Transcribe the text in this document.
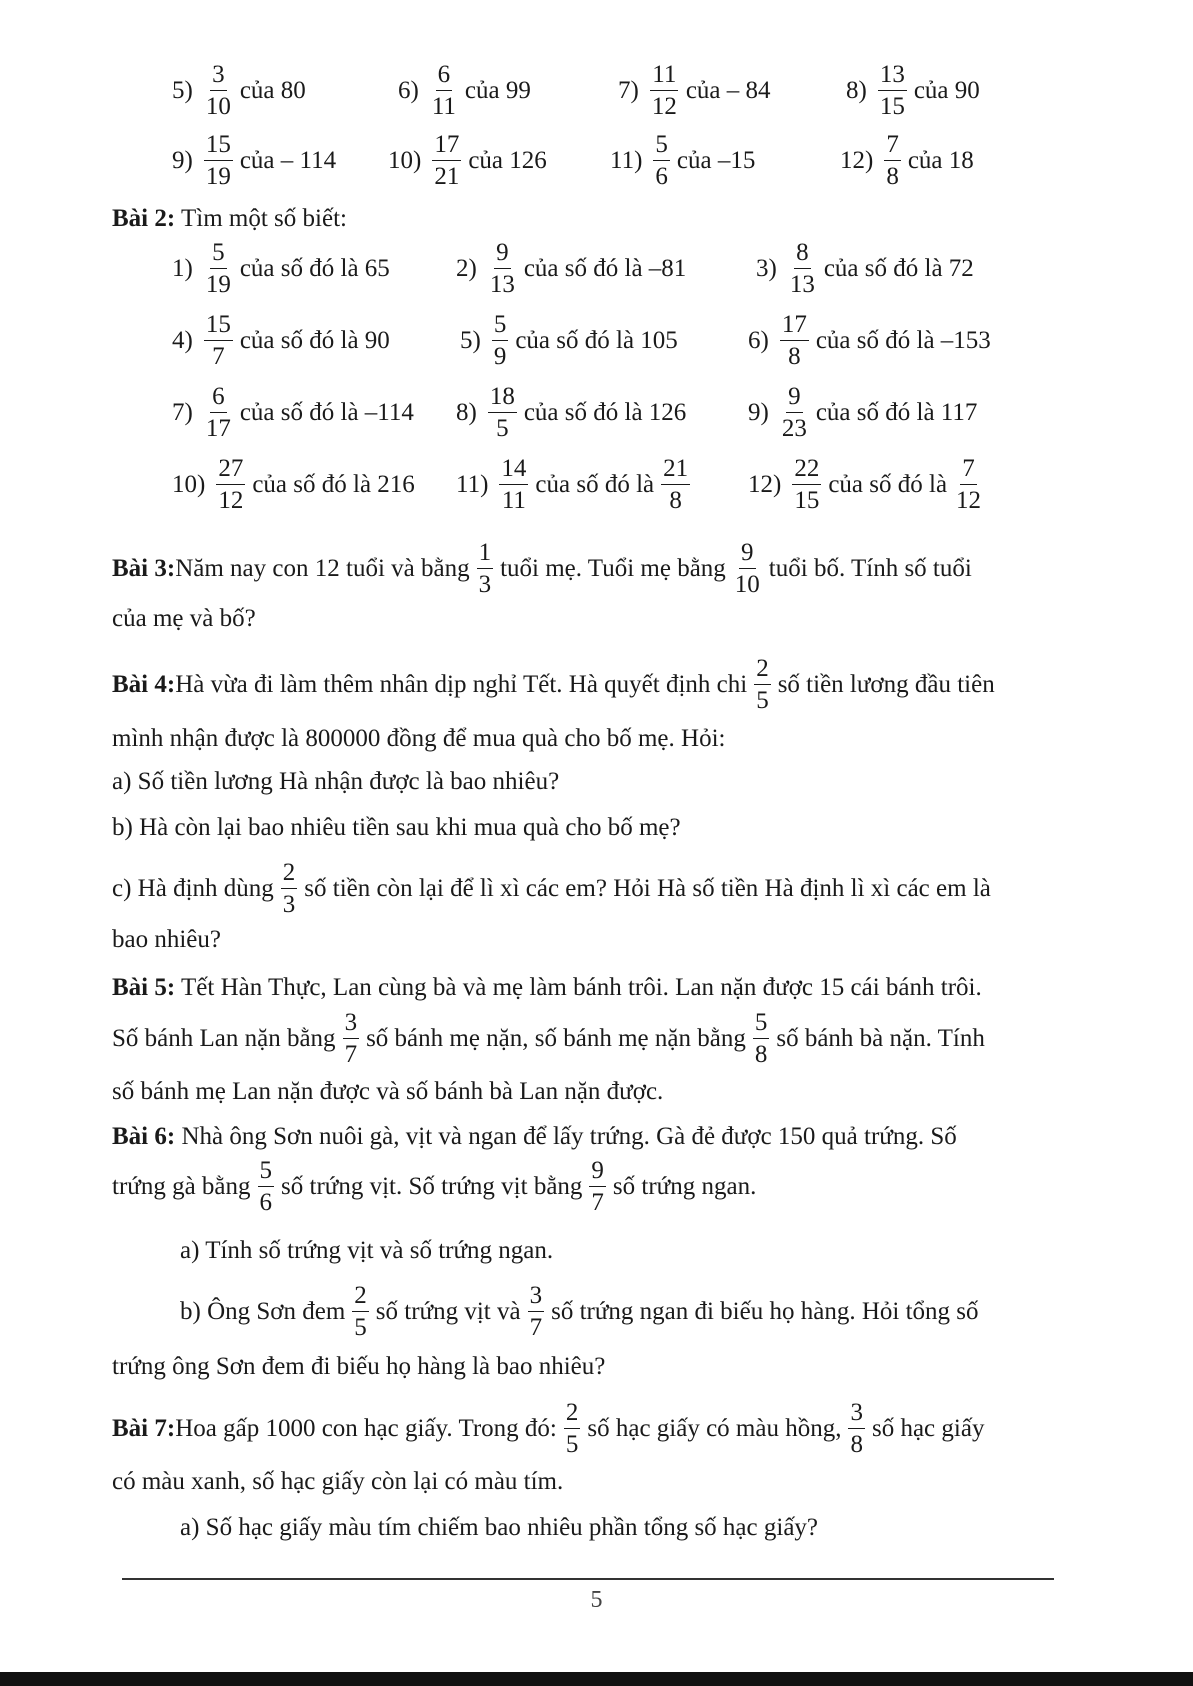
$5) \frac{3}{10}$ của 80	$6) \frac{6}{11}$ của 99	$7) \frac{11}{12}$ của – 84	$8) \frac{13}{15}$ của 90
$9) \frac{15}{19}$ của – 114 $10) \frac{17}{21}$ của 126	$11) \frac{5}{6}$ của –15	$12) \frac{7}{8}$ của 18
Bài 2: Tìm một số biết:
$1) \frac{5}{19}$ của số đó là 65	$2) \frac{9}{13}$ của số đó là –81	$3) \frac{8}{13}$ của số đó là 72
$4) \frac{15}{7}$ của số đó là 90	$5) \frac{5}{9}$ của số đó là 105	$6) \frac{17}{8}$ của số đó là –153
$7) \frac{6}{17}$ của số đó là –114 $8) \frac{18}{5}$ của số đó là 126 $9) \frac{9}{23}$ của số đó là 117
$10) \frac{27}{12}$ của số đó là 216 $11) \frac{14}{11}$ của số đó là $\frac{21}{8} 12) \frac{22}{15}$ của số đó là $\frac{7}{12}$
Bài 3: Năm nay con 12 tuổi và bằng $\frac{1}{3}$ tuổi mẹ. Tuổi mẹ bằng $\frac{9}{10}$ tuổi bố. Tính số tuổi
của mẹ và bố?
Bài 4: Hà vừa đi làm thêm nhân dịp nghỉ Tết. Hà quyết định chi $\frac{2}{5}$ số tiền lương đầu tiên
mình nhận được là 800000 đồng để mua quà cho bố mẹ. Hỏi:
a) Số tiền lương Hà nhận được là bao nhiêu?
b) Hà còn lại bao nhiêu tiền sau khi mua quà cho bố mẹ?
c) Hà định dùng $\frac{2}{3}$ số tiền còn lại để lì xì các em? Hỏi Hà số tiền Hà định lì xì các em là
bao nhiêu?
Bài 5: Tết Hàn Thực, Lan cùng bà và mẹ làm bánh trôi. Lan nặn được 15 cái bánh trôi.
Số bánh Lan nặn bằng $\frac{3}{7}$ số bánh mẹ nặn, số bánh mẹ nặn bằng $\frac{5}{8}$ số bánh bà nặn. Tính
số bánh mẹ Lan nặn được và số bánh bà Lan nặn được.
Bài 6: Nhà ông Sơn nuôi gà, vịt và ngan để lấy trứng. Gà đẻ được 150 quả trứng. Số
trứng gà bằng $\frac{5}{6}$ số trứng vịt. Số trứng vịt bằng $\frac{9}{7}$ số trứng ngan.
a) Tính số trứng vịt và số trứng ngan.
b) Ông Sơn đem $\frac{2}{5}$ số trứng vịt và $\frac{3}{7}$ số trứng ngan đi biếu họ hàng. Hỏi tổng số
trứng ông Sơn đem đi biếu họ hàng là bao nhiêu?
Bài 7: Hoa gấp 1000 con hạc giấy. Trong đó: $\frac{2}{5}$ số hạc giấy có màu hồng, $\frac{3}{8}$ số hạc giấy
có màu xanh, số hạc giấy còn lại có màu tím.
a) Số hạc giấy màu tím chiếm bao nhiêu phần tổng số hạc giấy?
5
